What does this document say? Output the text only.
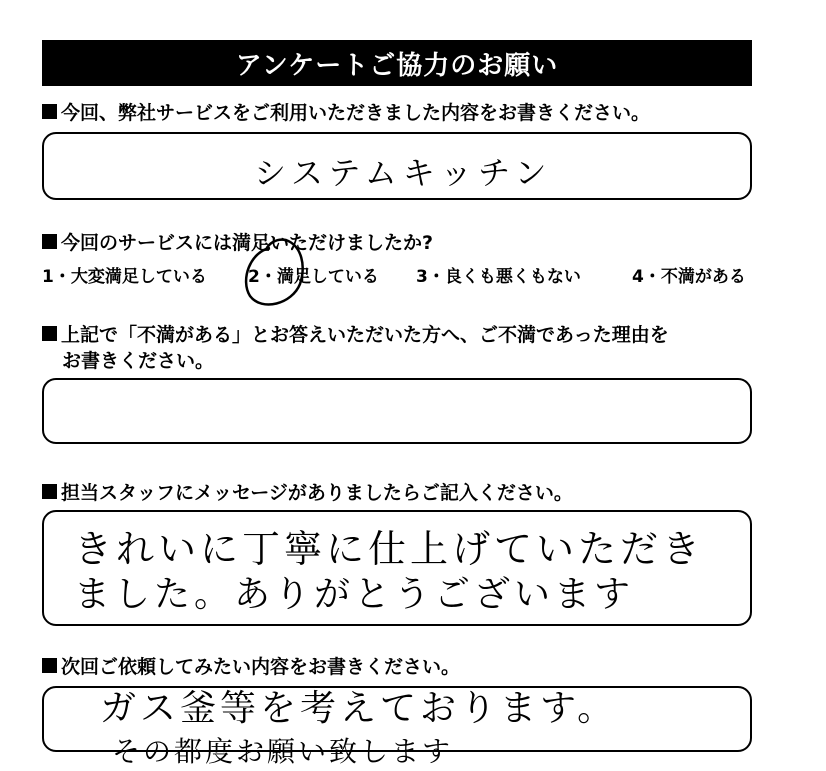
アンケートご協力のお願い
今回、弊社サービスをご利用いただきました内容をお書きください。
システムキッチン
今回のサービスには満足いただけましたか?
1・大変満足している 2・満足している 3・良くも悪くもない	4・不満がある
上記で「不満がある」とお答えいただいた方へ、ご不満であった理由を
お書きください。
担当スタッフにメッセージがありましたらご記入ください。
きれいに丁寧に仕上げていただき
ました。ありがとうございます
次回ご依頼してみたい内容をお書きください。
ガス釜等を考えております。
その都度お願い致します
